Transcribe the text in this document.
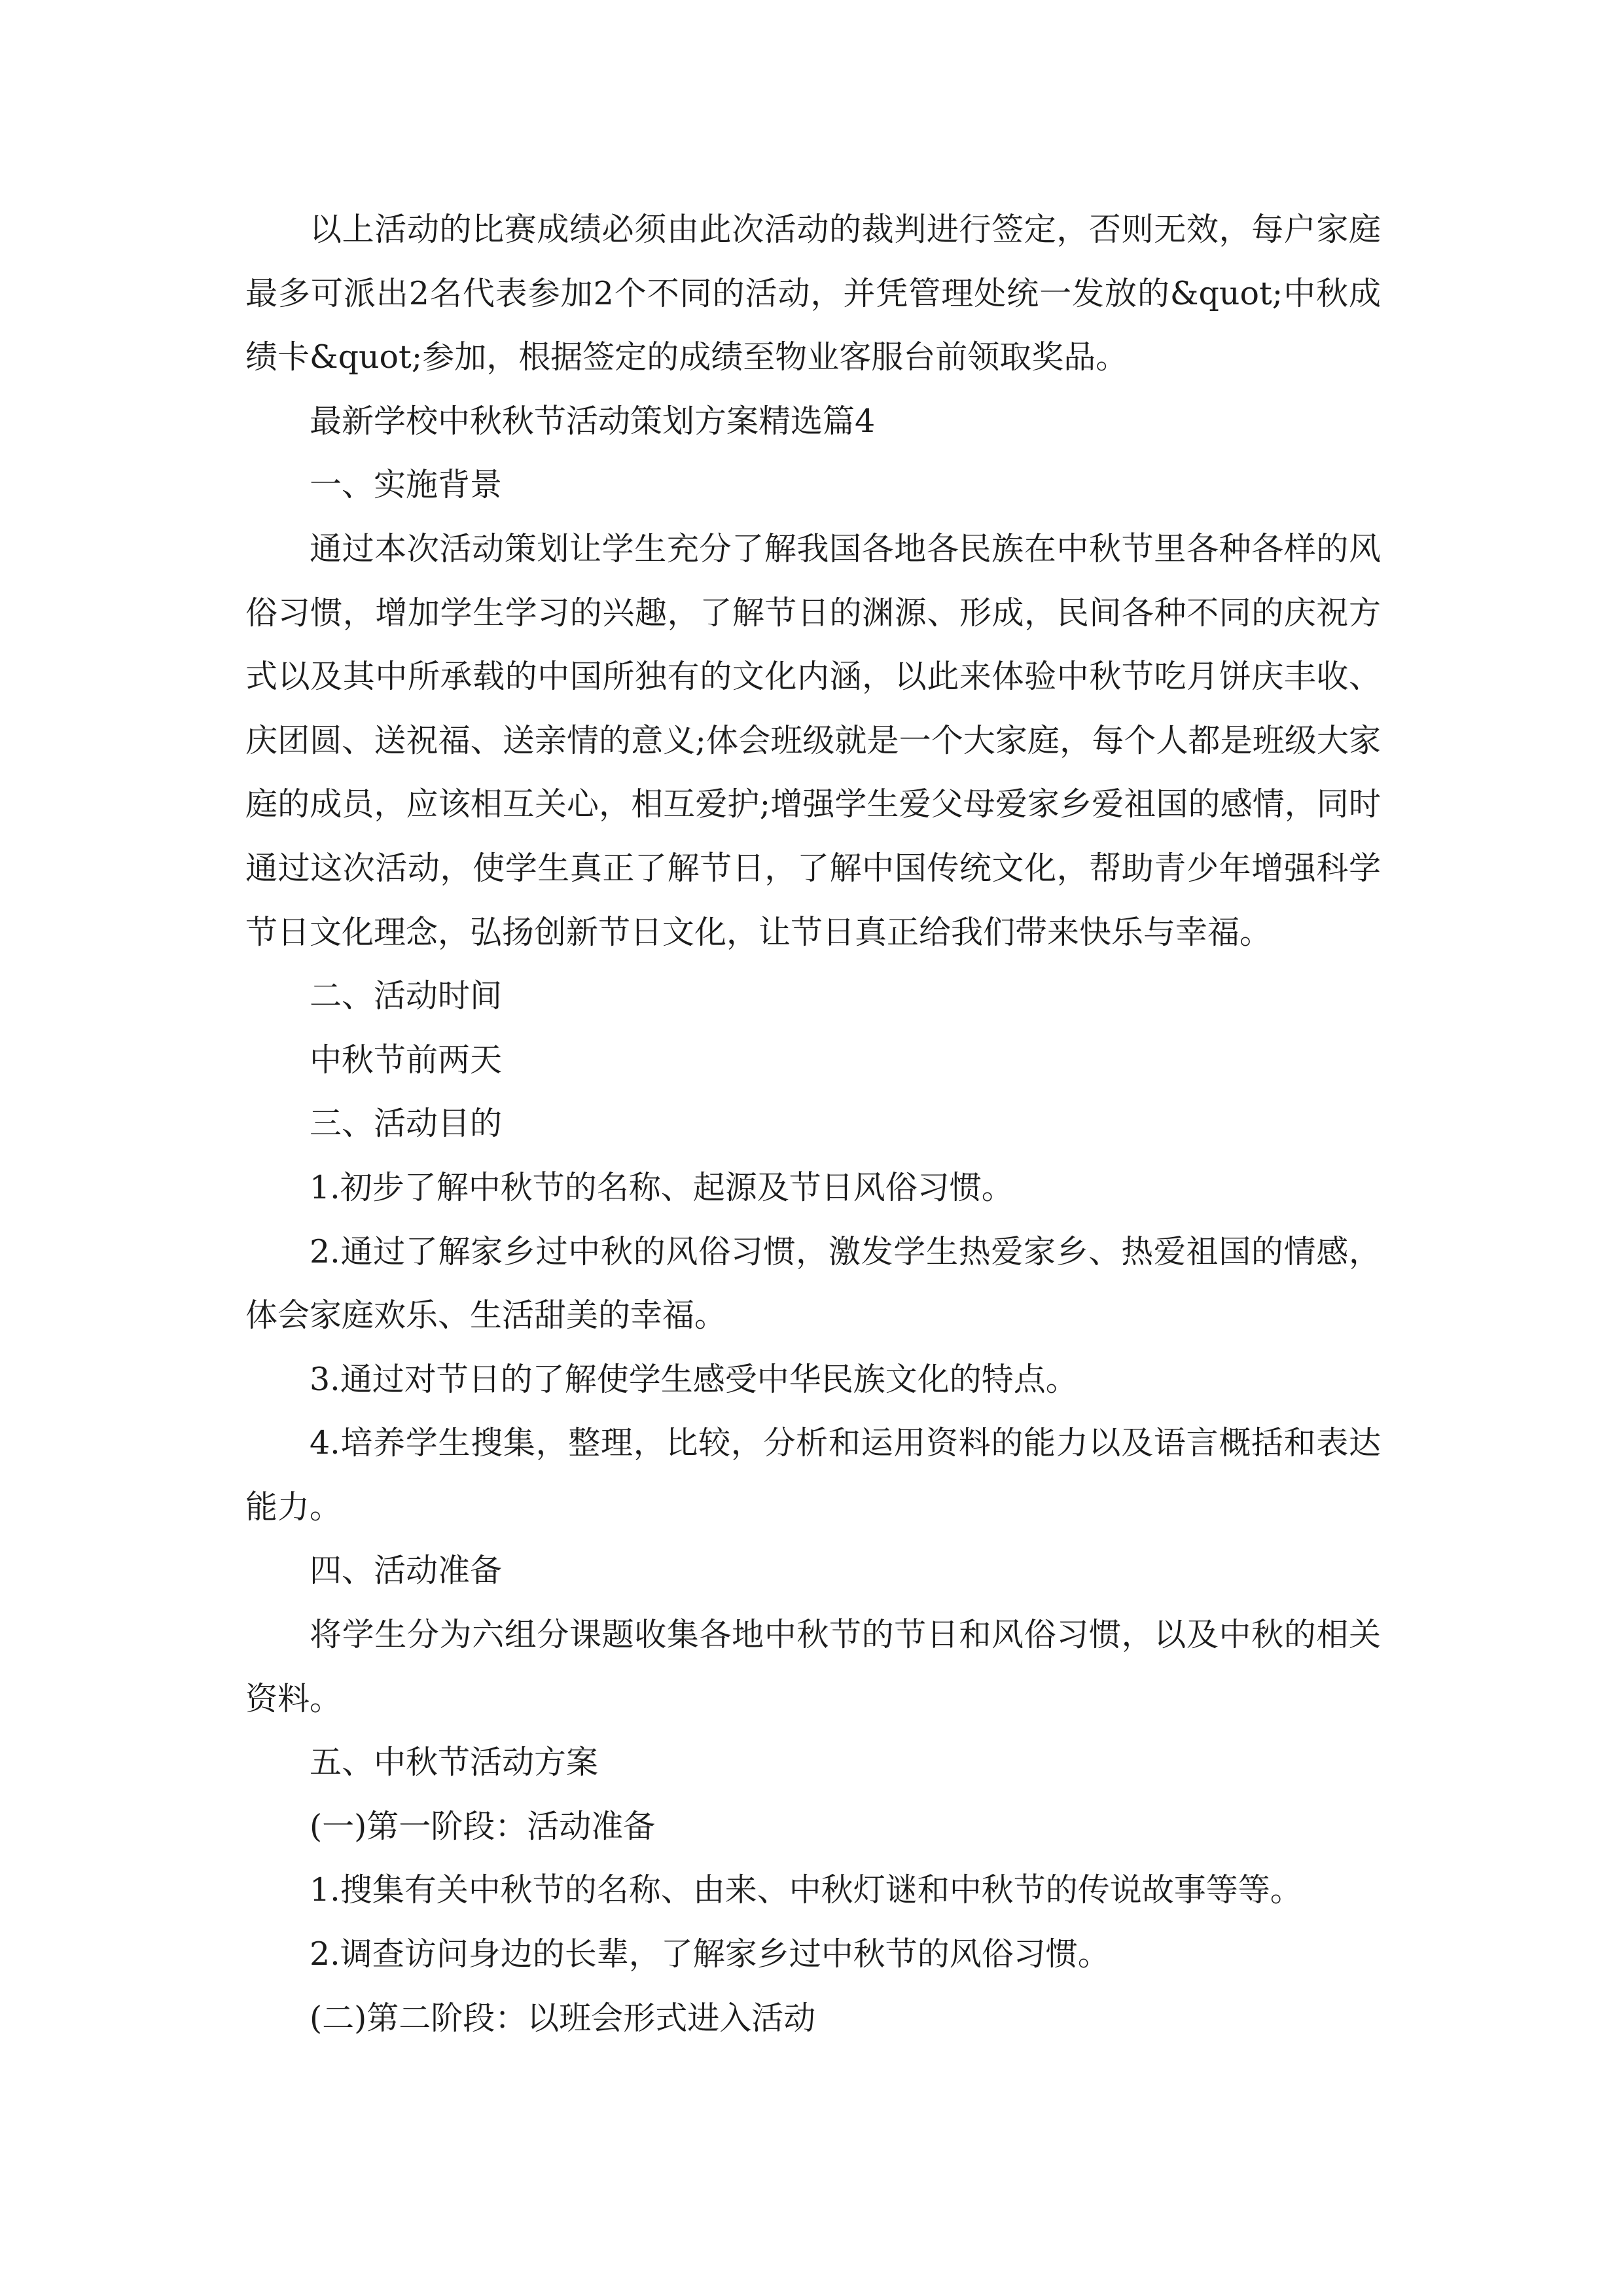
以上活动的比赛成绩必须由此次活动的裁判进行签定，否则无效，每户家庭最多可派出2名代表参加2个不同的活动，并凭管理处统一发放的&quot;中秋成绩卡&quot;参加，根据签定的成绩至物业客服台前领取奖品。

最新学校中秋秋节活动策划方案精选篇4

一、实施背景

通过本次活动策划让学生充分了解我国各地各民族在中秋节里各种各样的风俗习惯，增加学生学习的兴趣，了解节日的渊源、形成，民间各种不同的庆祝方式以及其中所承载的中国所独有的文化内涵，以此来体验中秋节吃月饼庆丰收、庆团圆、送祝福、送亲情的意义;体会班级就是一个大家庭，每个人都是班级大家庭的成员，应该相互关心，相互爱护;增强学生爱父母爱家乡爱祖国的感情，同时通过这次活动，使学生真正了解节日，了解中国传统文化，帮助青少年增强科学节日文化理念，弘扬创新节日文化，让节日真正给我们带来快乐与幸福。

二、活动时间

中秋节前两天

三、活动目的

1.初步了解中秋节的名称、起源及节日风俗习惯。

2.通过了解家乡过中秋的风俗习惯，激发学生热爱家乡、热爱祖国的情感，体会家庭欢乐、生活甜美的幸福。

3.通过对节日的了解使学生感受中华民族文化的特点。

4.培养学生搜集，整理，比较，分析和运用资料的能力以及语言概括和表达能力。

四、活动准备

将学生分为六组分课题收集各地中秋节的节日和风俗习惯，以及中秋的相关资料。

五、中秋节活动方案

(一)第一阶段：活动准备

1.搜集有关中秋节的名称、由来、中秋灯谜和中秋节的传说故事等等。

2.调查访问身边的长辈，了解家乡过中秋节的风俗习惯。

(二)第二阶段：以班会形式进入活动
